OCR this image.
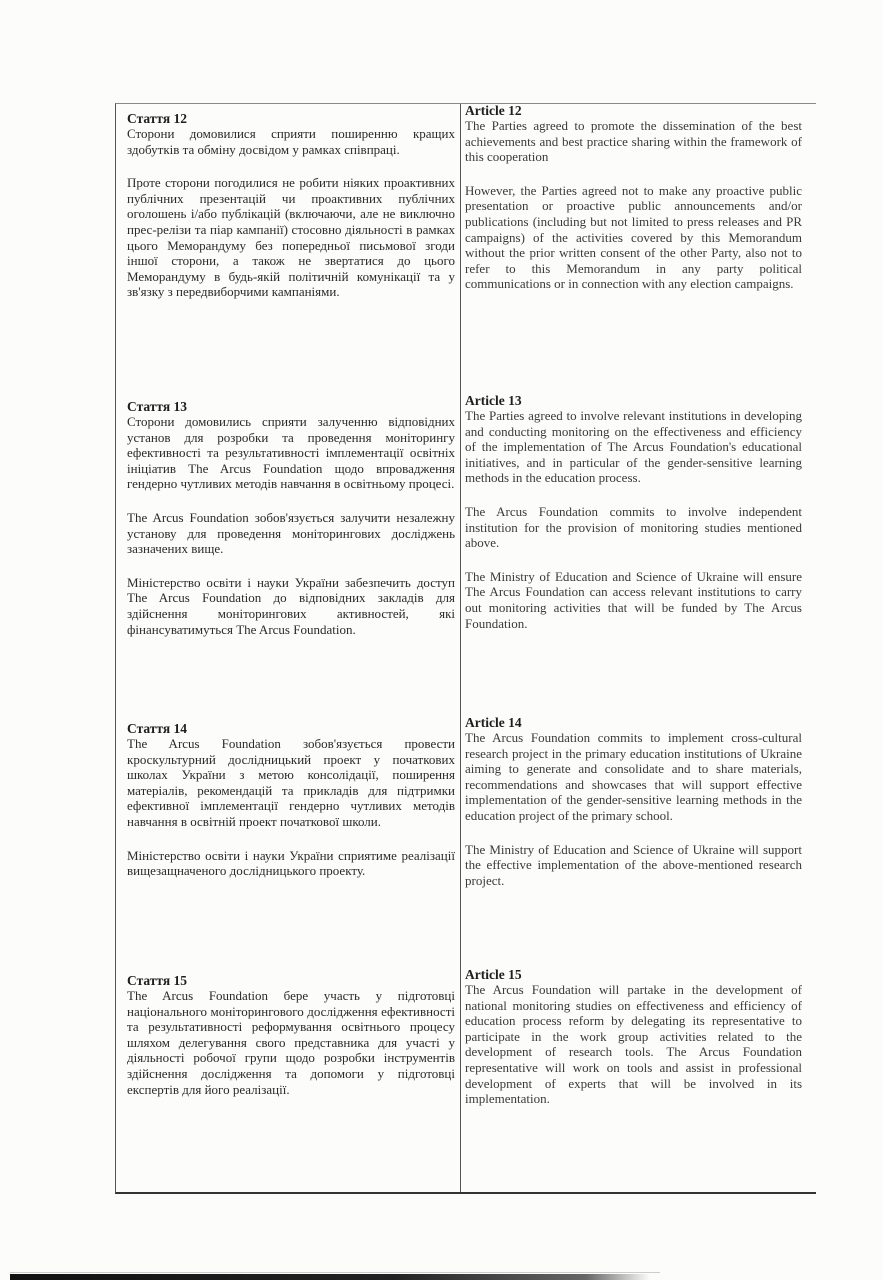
Стаття 12

Сторони домовилися сприяти поширенню кращих здобутків та обміну досвідом у рамках співпраці.

Проте сторони погодилися не робити ніяких проактивних публічних презентацій чи проактивних публічних оголошень і/або публікацій (включаючи, але не виключно прес-релізи та піар кампанії) стосовно діяльності в рамках цього Меморандуму без попередньої письмової згоди іншої сторони, а також не звертатися до цього Меморандуму в будь-якій політичній комунікації та у зв'язку з передвиборчими кампаніями.

Стаття 13

Сторони домовились сприяти залученню відповідних установ для розробки та проведення моніторингу ефективності та результативності імплементації освітніх ініціатив The Arcus Foundation щодо впровадження гендерно чутливих методів навчання в освітньому процесі.

The Arcus Foundation зобов'язується залучити незалежну установу для проведення моніторингових досліджень зазначених вище.

Міністерство освіти і науки України забезпечить доступ The Arcus Foundation до відповідних закладів для здійснення моніторингових активностей, які фінансуватимуться The Arcus Foundation.

Стаття 14

The Arcus Foundation зобов'язується провести кроскультурний дослідницький проект у початкових школах України з метою консолідації, поширення матеріалів, рекомендацій та прикладів для підтримки ефективної імплементації гендерно чутливих методів навчання в освітній проект початкової школи.

Міністерство освіти і науки України сприятиме реалізації вищезащначеного дослідницького проекту.

Стаття 15

The Arcus Foundation бере участь у підготовці національного моніторингового дослідження ефективності та результативності реформування освітнього процесу шляхом делегування свого представника для участі у діяльності робочої групи щодо розробки інструментів здійснення дослідження та допомоги у підготовці експертів для його реалізації.

Article 12

The Parties agreed to promote the dissemination of the best achievements and best practice sharing within the framework of this cooperation

However, the Parties agreed not to make any proactive public presentation or proactive public announcements and/or publications (including but not limited to press releases and PR campaigns) of the activities covered by this Memorandum without the prior written consent of the other Party, also not to refer to this Memorandum in any party political communications or in connection with any election campaigns.

Article 13

The Parties agreed to involve relevant institutions in developing and conducting monitoring on the effectiveness and efficiency of the implementation of The Arcus Foundation's educational initiatives, and in particular of the gender-sensitive learning methods in the education process.

The Arcus Foundation commits to involve independent institution for the provision of monitoring studies mentioned above.

The Ministry of Education and Science of Ukraine will ensure The Arcus Foundation can access relevant institutions to carry out monitoring activities that will be funded by The Arcus Foundation.

Article 14

The Arcus Foundation commits to implement cross-cultural research project in the primary education institutions of Ukraine aiming to generate and consolidate and to share materials, recommendations and showcases that will support effective implementation of the gender-sensitive learning methods in the education project of the primary school.

The Ministry of Education and Science of Ukraine will support the effective implementation of the above-mentioned research project.

Article 15

The Arcus Foundation will partake in the development of national monitoring studies on effectiveness and efficiency of education process reform by delegating its representative to participate in the work group activities related to the development of research tools. The Arcus Foundation representative will work on tools and assist in professional development of experts that will be involved in its implementation.
